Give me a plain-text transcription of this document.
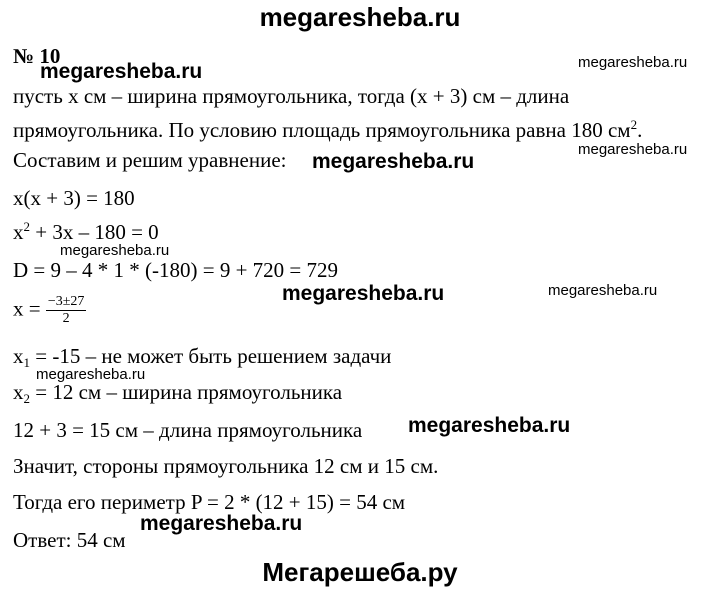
megaresheba.ru
№ 10
megaresheba.ru	megaresheba.ru
megaresheba.ru
megaresheba.ru
megaresheba.ru
megaresheba.ru	megaresheba.ru
megaresheba.ru
megaresheba.ru
megaresheba.ru
пусть x см – ширина прямоугольника, тогда (x + 3) см – длина
прямоугольника. По условию площадь прямоугольника равна 180 $см^2$.
Составим и решим уравнение:
x(x + 3) = 180
$x^2 + 3x - 180 = 0$
D = 9 – 4 * 1 * (-180) = 9 + 720 = 729
$x = \frac{-3\pm 27}{2}$
$x_1 = -15$ – не может быть решением задачи
$x_2 = 12$ см – ширина прямоугольника
12 + 3 = 15 см – длина прямоугольника
Значит, стороны прямоугольника 12 см и 15 см.
Тогда его периметр P = 2 * (12 + 15) = 54 см
Ответ: 54 см
Мегарешеба.ру
